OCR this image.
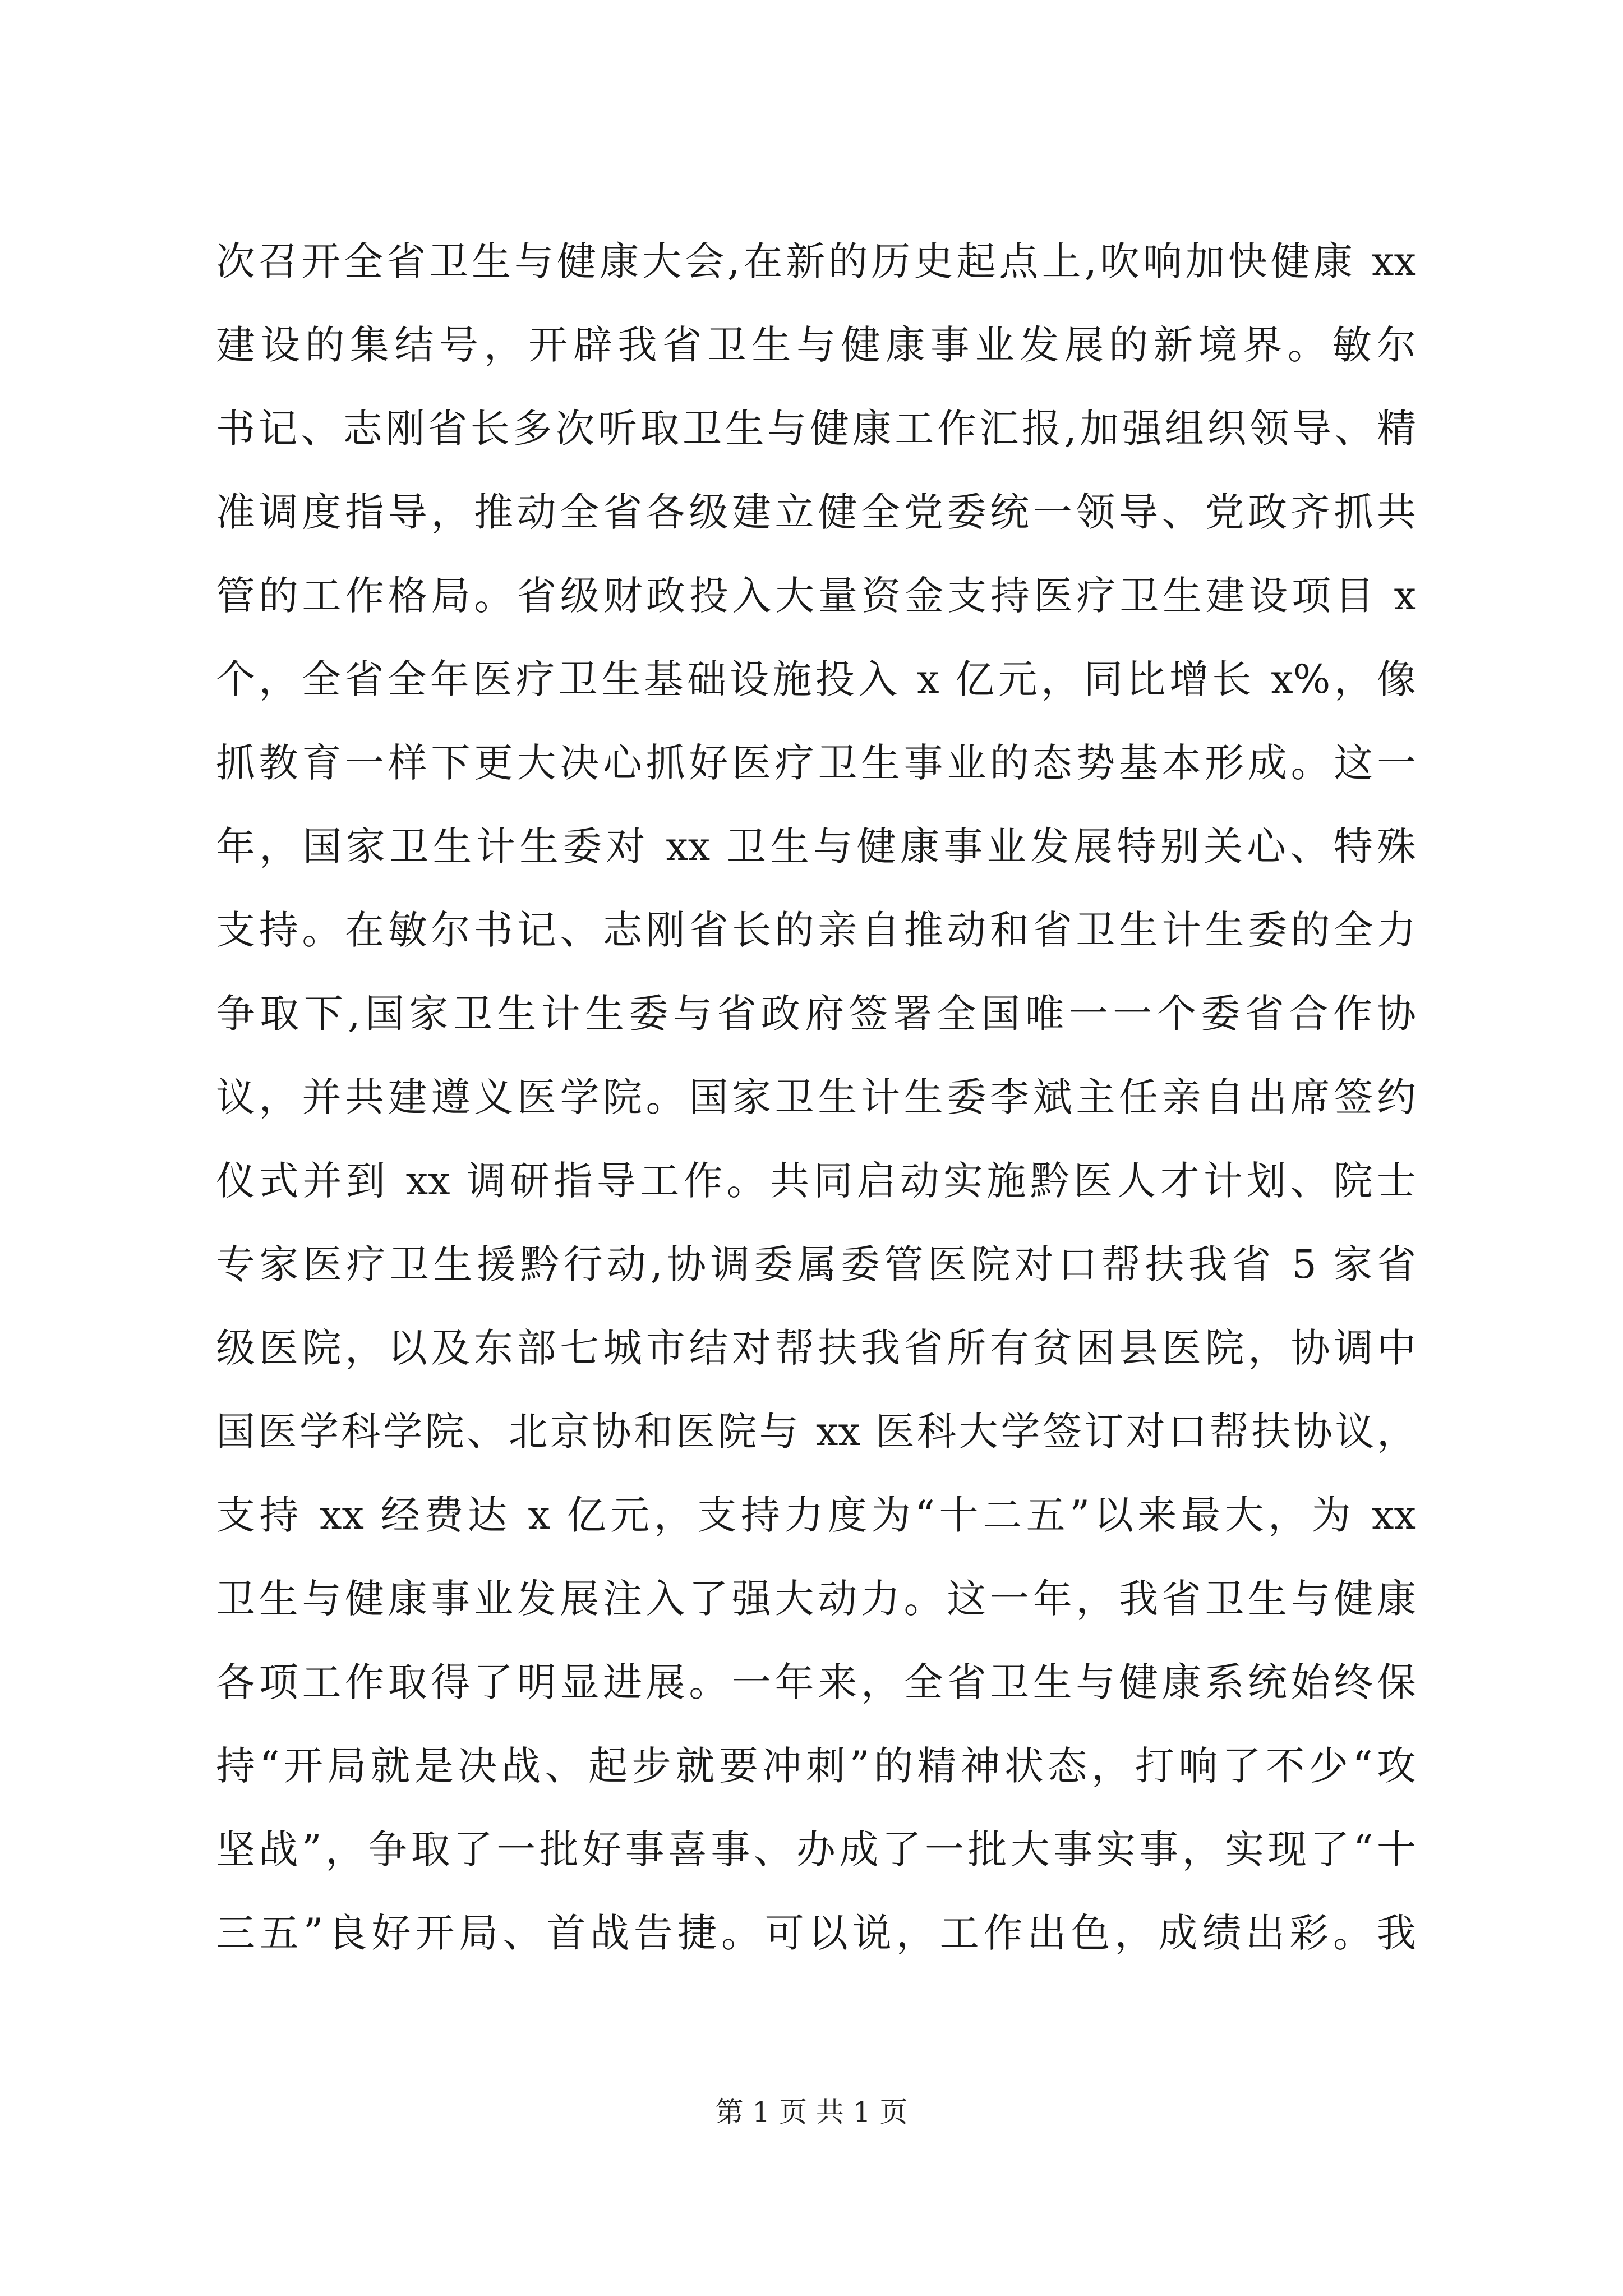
次召开全省卫生与健康大会,在新的历史起点上,吹响加快健康 xx
建设的集结号，开辟我省卫生与健康事业发展的新境界。敏尔
书记、志刚省长多次听取卫生与健康工作汇报,加强组织领导、精
准调度指导，推动全省各级建立健全党委统一领导、党政齐抓共
管的工作格局。省级财政投入大量资金支持医疗卫生建设项目 x
个，全省全年医疗卫生基础设施投入 x 亿元，同比增长 x%，像
抓教育一样下更大决心抓好医疗卫生事业的态势基本形成。这一
年，国家卫生计生委对 xx 卫生与健康事业发展特别关心、特殊
支持。在敏尔书记、志刚省长的亲自推动和省卫生计生委的全力
争取下,国家卫生计生委与省政府签署全国唯一一个委省合作协
议，并共建遵义医学院。国家卫生计生委李斌主任亲自出席签约
仪式并到 xx 调研指导工作。共同启动实施黔医人才计划、院士
专家医疗卫生援黔行动,协调委属委管医院对口帮扶我省 5 家省
级医院，以及东部七城市结对帮扶我省所有贫困县医院，协调中
国医学科学院、北京协和医院与 xx 医科大学签订对口帮扶协议，
支持 xx 经费达 x 亿元，支持力度为“十二五”以来最大，为 xx
卫生与健康事业发展注入了强大动力。这一年，我省卫生与健康
各项工作取得了明显进展。一年来，全省卫生与健康系统始终保
持“开局就是决战、起步就要冲刺”的精神状态，打响了不少“攻
坚战”，争取了一批好事喜事、办成了一批大事实事，实现了“十
三五”良好开局、首战告捷。可以说，工作出色，成绩出彩。我
第 1 页 共 1 页
